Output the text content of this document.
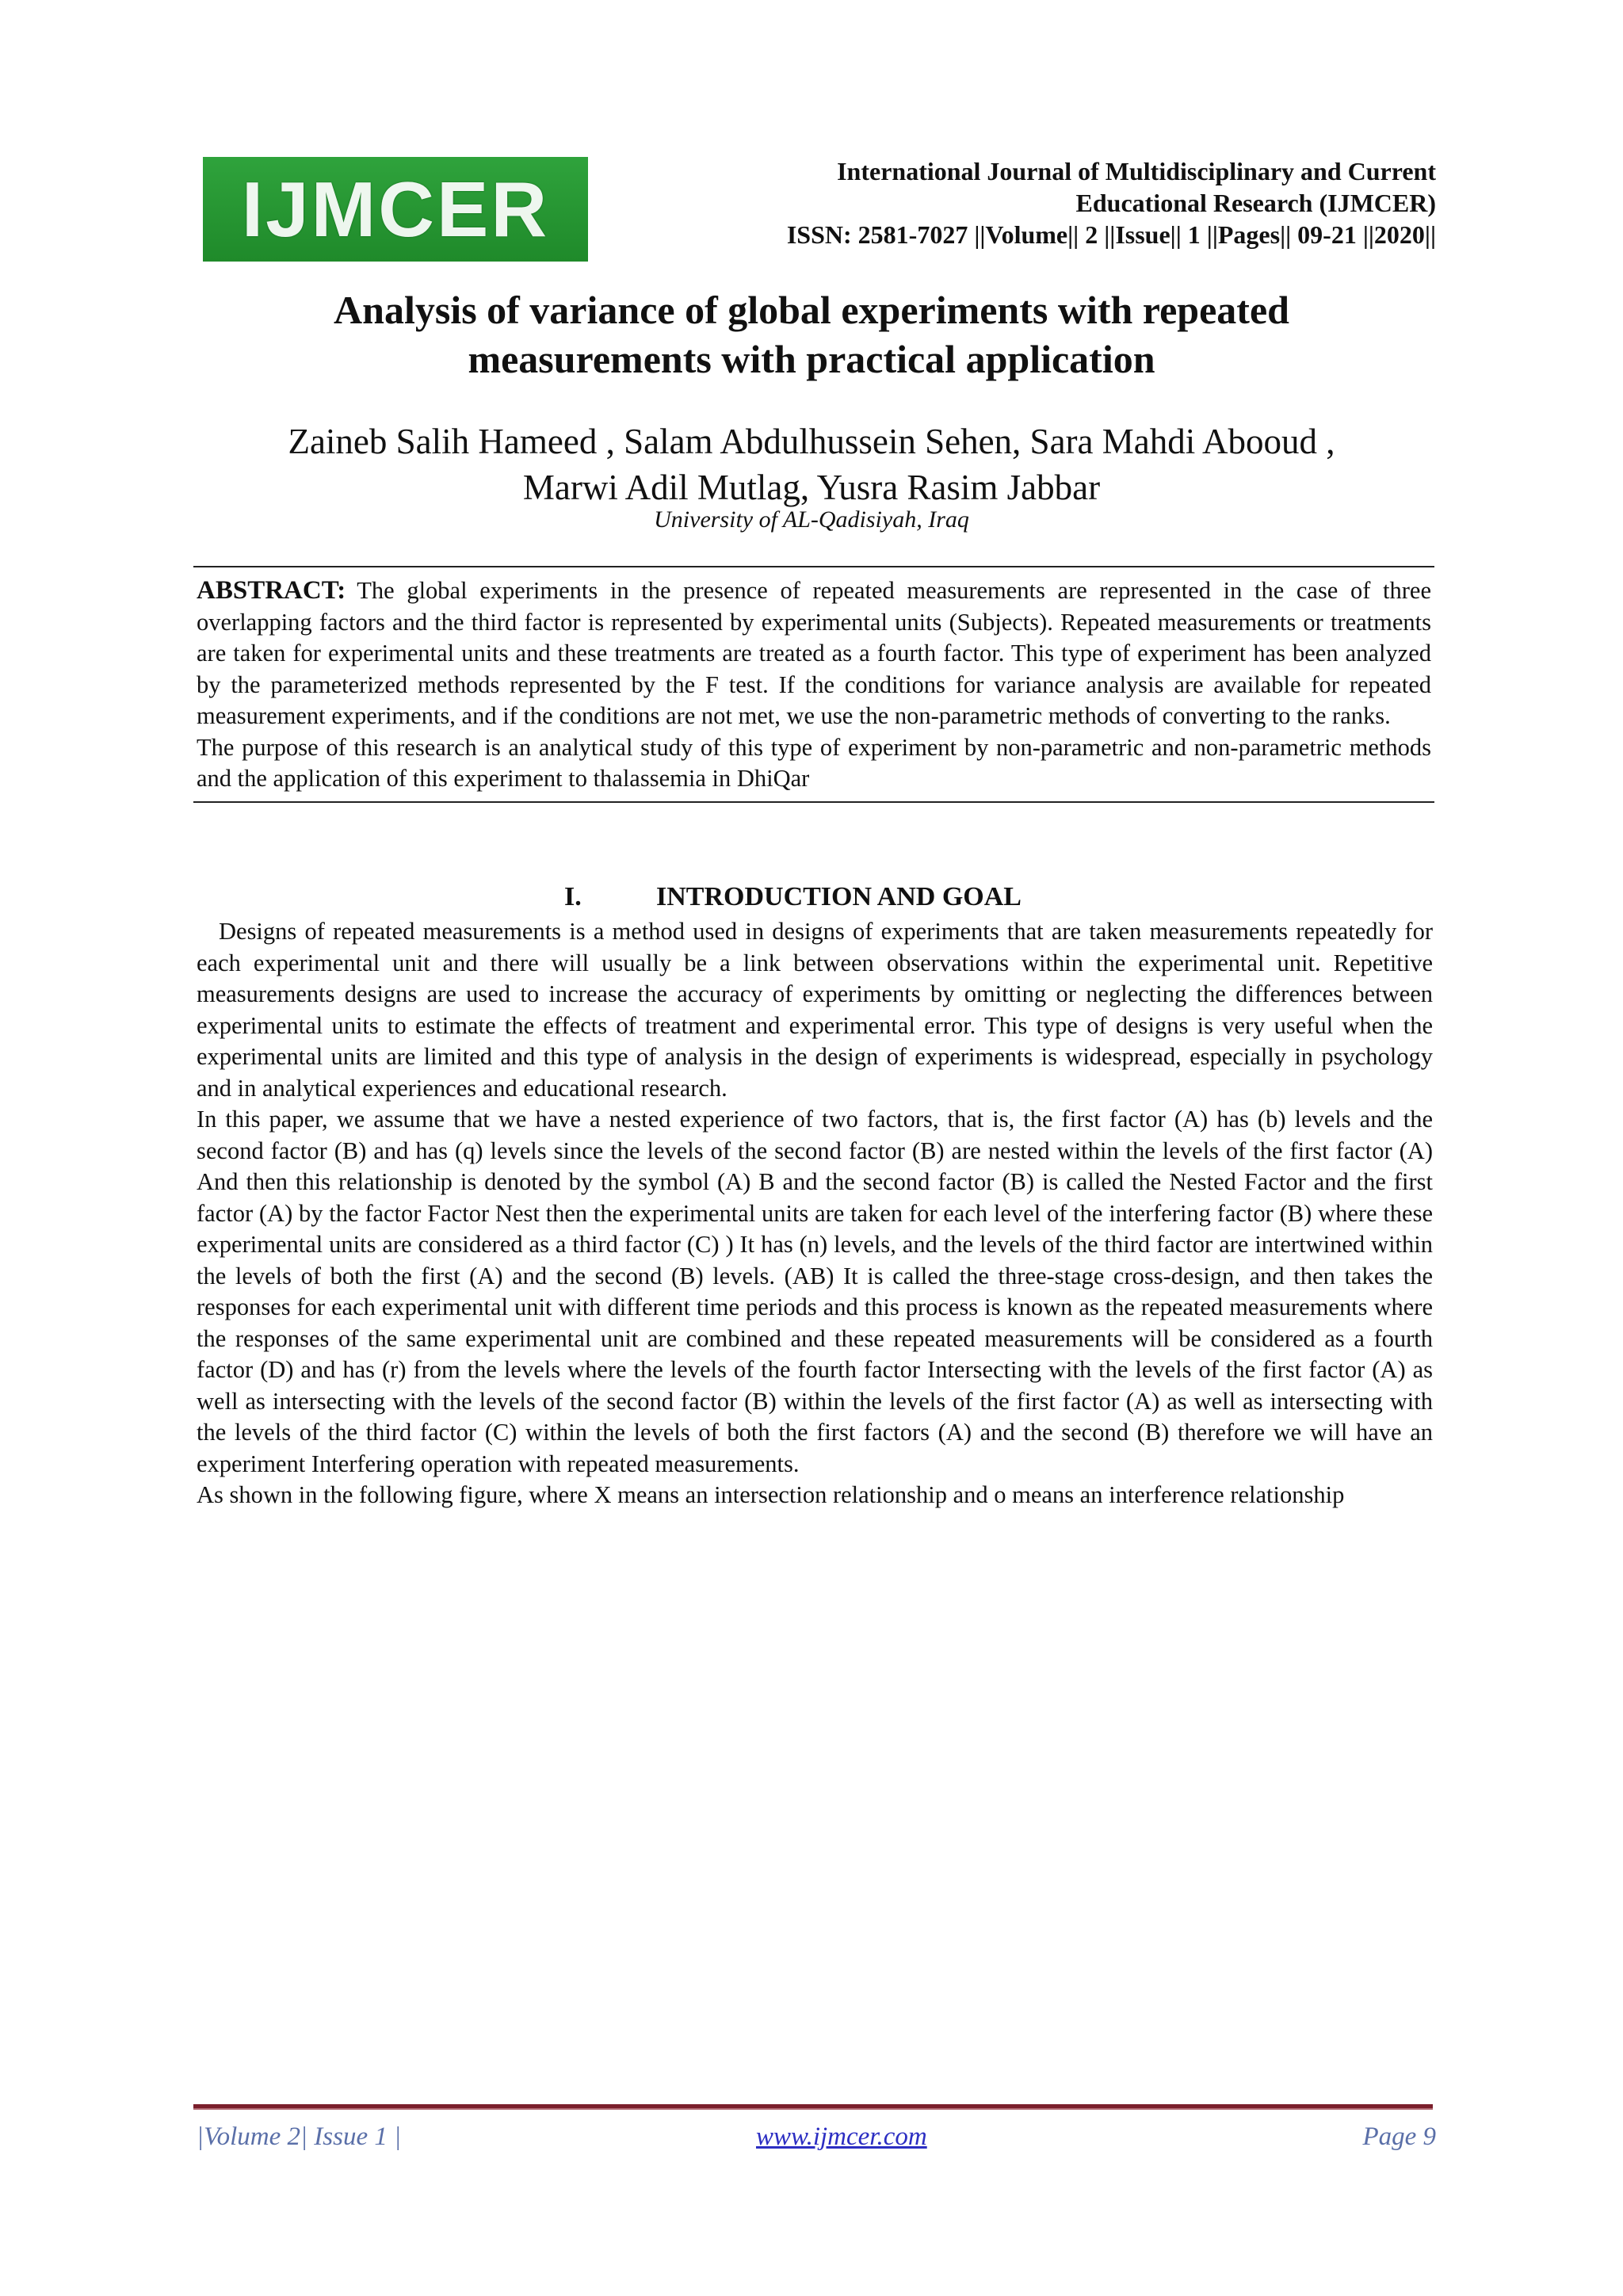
IJMCER	International Journal of Multidisciplinary and Current
Educational Research (IJMCER)
ISSN: 2581-7027 ||Volume|| 2 ||Issue|| 1 ||Pages|| 09-21 ||2020||
Analysis of variance of global experiments with repeated
measurements with practical application
Zaineb Salih Hameed , Salam Abdulhussein Sehen, Sara Mahdi Abooud ,
Marwi Adil Mutlag, Yusra Rasim Jabbar
University of AL-Qadisiyah, Iraq

ABSTRACT: The global experiments in the presence of repeated measurements are represented in the case of three overlapping factors and the third factor is represented by experimental units (Subjects). Repeated measurements or treatments are taken for experimental units and these treatments are treated as a fourth factor. This type of experiment has been analyzed by the parameterized methods represented by the F test. If the conditions for variance analysis are available for repeated measurement experiments, and if the conditions are not met, we use the non-parametric methods of converting to the ranks.

The purpose of this research is an analytical study of this type of experiment by non-parametric and non-parametric methods and the application of this experiment to thalassemia in DhiQar

I.	INTRODUCTION AND GOAL

Designs of repeated measurements is a method used in designs of experiments that are taken measurements repeatedly for each experimental unit and there will usually be a link between observations within the experimental unit. Repetitive measurements designs are used to increase the accuracy of experiments by omitting or neglecting the differences between experimental units to estimate the effects of treatment and experimental error. This type of designs is very useful when the experimental units are limited and this type of analysis in the design of experiments is widespread, especially in psychology and in analytical experiences and educational research.

In this paper, we assume that we have a nested experience of two factors, that is, the first factor (A) has (b) levels and the second factor (B) and has (q) levels since the levels of the second factor (B) are nested within the levels of the first factor (A) And then this relationship is denoted by the symbol (A) B and the second factor (B) is called the Nested Factor and the first factor (A) by the factor Factor Nest then the experimental units are taken for each level of the interfering factor (B) where these experimental units are considered as a third factor (C) ) It has (n) levels, and the levels of the third factor are intertwined within the levels of both the first (A) and the second (B) levels. (AB) It is called the three-stage cross-design, and then takes the responses for each experimental unit with different time periods and this process is known as the repeated measurements where the responses of the same experimental unit are combined and these repeated measurements will be considered as a fourth factor (D) and has (r) from the levels where the levels of the fourth factor Intersecting with the levels of the first factor (A) as well as intersecting with the levels of the second factor (B) within the levels of the first factor (A) as well as intersecting with the levels of the third factor (C) within the levels of both the first factors (A) and the second (B) therefore we will have an experiment Interfering operation with repeated measurements.

As shown in the following figure, where X means an intersection relationship and o means an interference relationship

|Volume 2| Issue 1 |	www.ijmcer.com	Page 9
